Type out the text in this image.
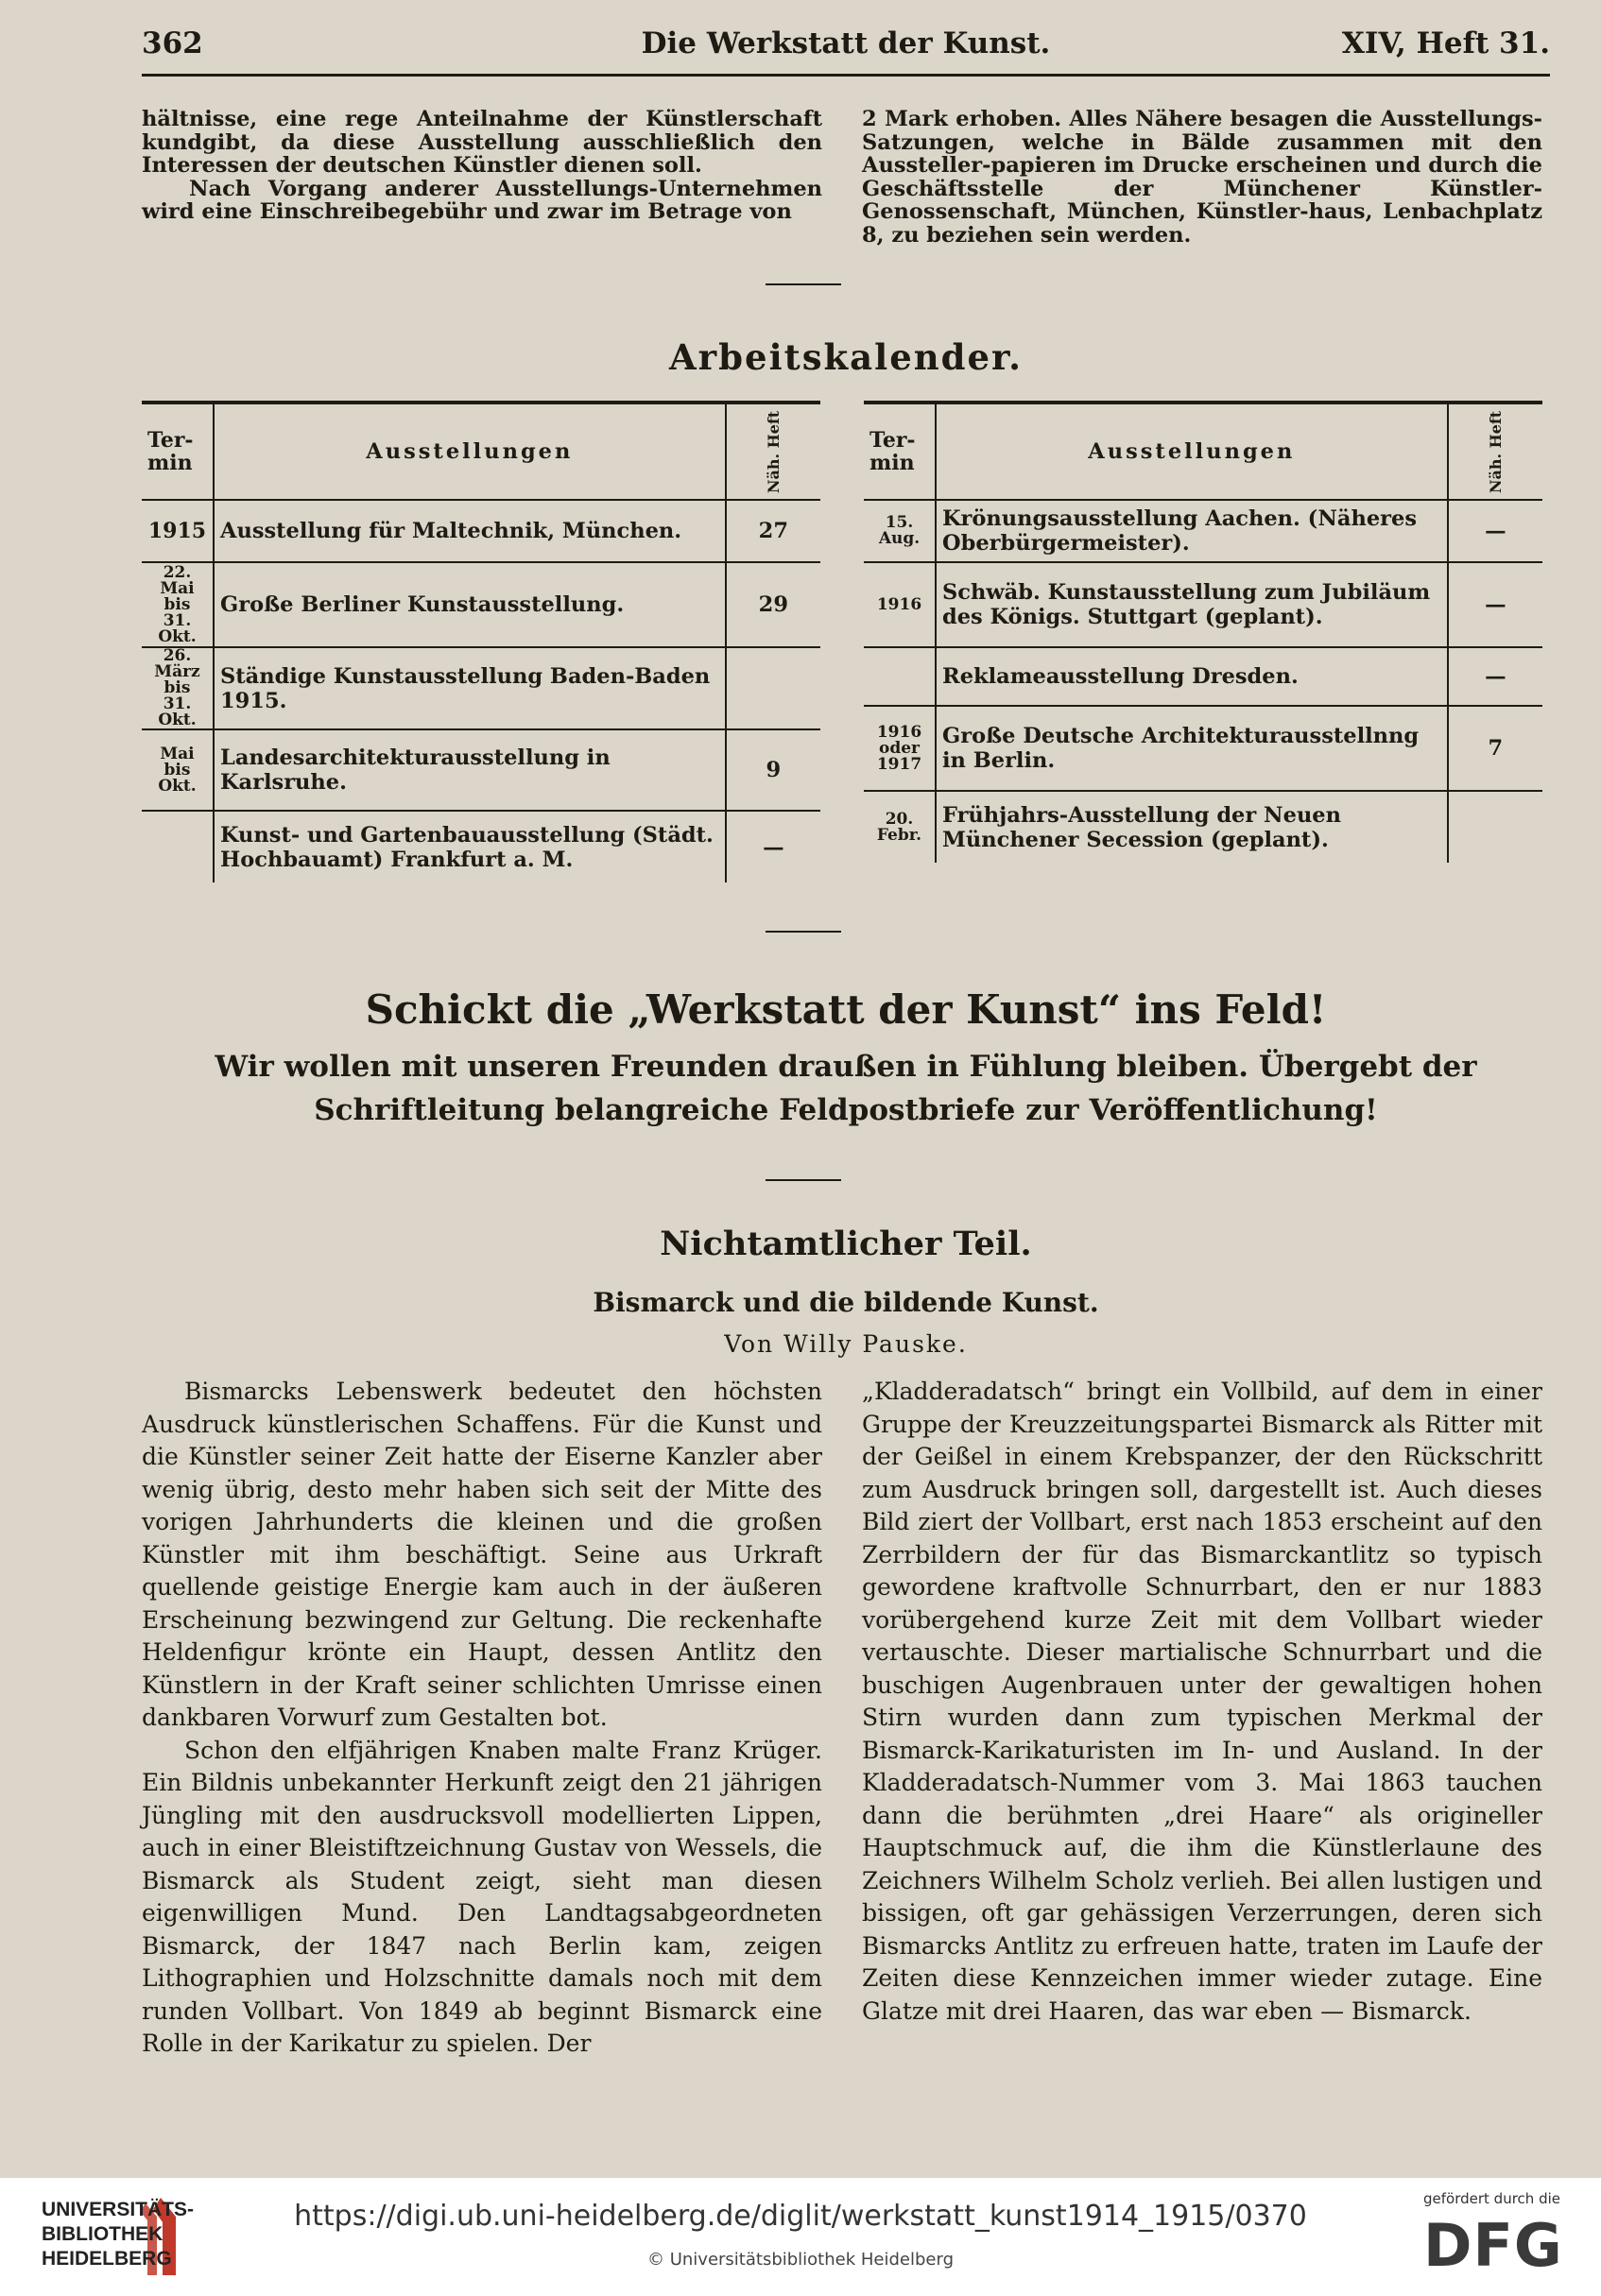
362	Die Werkstatt der Kunst.	XIV, Heft 31.

hältnisse, eine rege Anteilnahme der Künstlerschaft kundgibt, da diese Ausstellung ausschließlich den Interessen der deutschen Künstler dienen soll.

Nach Vorgang anderer Ausstellungs-Unternehmen wird eine Einschreibegebühr und zwar im Betrage von

2 Mark erhoben. Alles Nähere besagen die Ausstellungs-Satzungen, welche in Bälde zusammen mit den Aussteller-papieren im Drucke erscheinen und durch die Geschäftsstelle der Münchener Künstler-Genossenschaft, München, Künstler-haus, Lenbachplatz 8, zu beziehen sein werden.

Arbeitskalender.
Ter- min	Ausstellungen	Näh. Heft
1915	Ausstellung für Maltechnik, München.	27
22. Mai bis 31. Okt.	Große Berliner Kunstausstellung.	29
26. März bis 31. Okt.	Ständige Kunstausstellung Baden-Baden 1915.	
Mai bis Okt.	Landesarchitekturausstellung in Karlsruhe.	9
	Kunst- und Gartenbauausstellung (Städt. Hochbauamt) Frankfurt a. M.	—
Ter- min	Ausstellungen	Näh. Heft
15. Aug.	Krönungsausstellung Aachen. (Näheres Oberbürgermeister).	—
1916	Schwäb. Kunstausstellung zum Jubiläum des Königs. Stuttgart (geplant).	—
	Reklameausstellung Dresden.	—
1916 oder 1917	Große Deutsche Architekturausstellnng in Berlin.	7
20. Febr.	Frühjahrs-Ausstellung der Neuen Münchener Secession (geplant).	
Schickt die „Werkstatt der Kunst“ ins Feld!
Wir wollen mit unseren Freunden draußen in Fühlung bleiben. Übergebt der Schriftleitung belangreiche Feldpostbriefe zur Veröffentlichung!
Nichtamtlicher Teil.
Bismarck und die bildende Kunst.
Von Willy Pauske.

Bismarcks Lebenswerk bedeutet den höchsten Ausdruck künstlerischen Schaffens. Für die Kunst und die Künstler seiner Zeit hatte der Eiserne Kanzler aber wenig übrig, desto mehr haben sich seit der Mitte des vorigen Jahrhunderts die kleinen und die großen Künstler mit ihm beschäftigt. Seine aus Urkraft quellende geistige Energie kam auch in der äußeren Erscheinung bezwingend zur Geltung. Die reckenhafte Heldenfigur krönte ein Haupt, dessen Antlitz den Künstlern in der Kraft seiner schlichten Umrisse einen dankbaren Vorwurf zum Gestalten bot.

Schon den elfjährigen Knaben malte Franz Krüger. Ein Bildnis unbekannter Herkunft zeigt den 21 jährigen Jüngling mit den ausdrucksvoll modellierten Lippen, auch in einer Bleistiftzeichnung Gustav von Wessels, die Bismarck als Student zeigt, sieht man diesen eigenwilligen Mund. Den Landtagsabgeordneten Bismarck, der 1847 nach Berlin kam, zeigen Lithographien und Holzschnitte damals noch mit dem runden Vollbart. Von 1849 ab beginnt Bismarck eine Rolle in der Karikatur zu spielen. Der

„Kladderadatsch“ bringt ein Vollbild, auf dem in einer Gruppe der Kreuzzeitungspartei Bismarck als Ritter mit der Geißel in einem Krebspanzer, der den Rückschritt zum Ausdruck bringen soll, dargestellt ist. Auch dieses Bild ziert der Vollbart, erst nach 1853 erscheint auf den Zerrbildern der für das Bismarckantlitz so typisch gewordene kraftvolle Schnurrbart, den er nur 1883 vorübergehend kurze Zeit mit dem Vollbart wieder vertauschte. Dieser martialische Schnurrbart und die buschigen Augenbrauen unter der gewaltigen hohen Stirn wurden dann zum typischen Merkmal der Bismarck-Karikaturisten im In- und Ausland. In der Kladderadatsch-Nummer vom 3. Mai 1863 tauchen dann die berühmten „drei Haare“ als origineller Hauptschmuck auf, die ihm die Künstlerlaune des Zeichners Wilhelm Scholz verlieh. Bei allen lustigen und bissigen, oft gar gehässigen Verzerrungen, deren sich Bismarcks Antlitz zu erfreuen hatte, traten im Laufe der Zeiten diese Kennzeichen immer wieder zutage. Eine Glatze mit drei Haaren, das war eben — Bismarck.

UNIVERSITÄTS-
BIBLIOTHEK
HEIDELBERG
https://digi.ub.uni-heidelberg.de/diglit/werkstatt_kunst1914_1915/0370
© Universitätsbibliothek Heidelberg
gefördert durch die
DFG
